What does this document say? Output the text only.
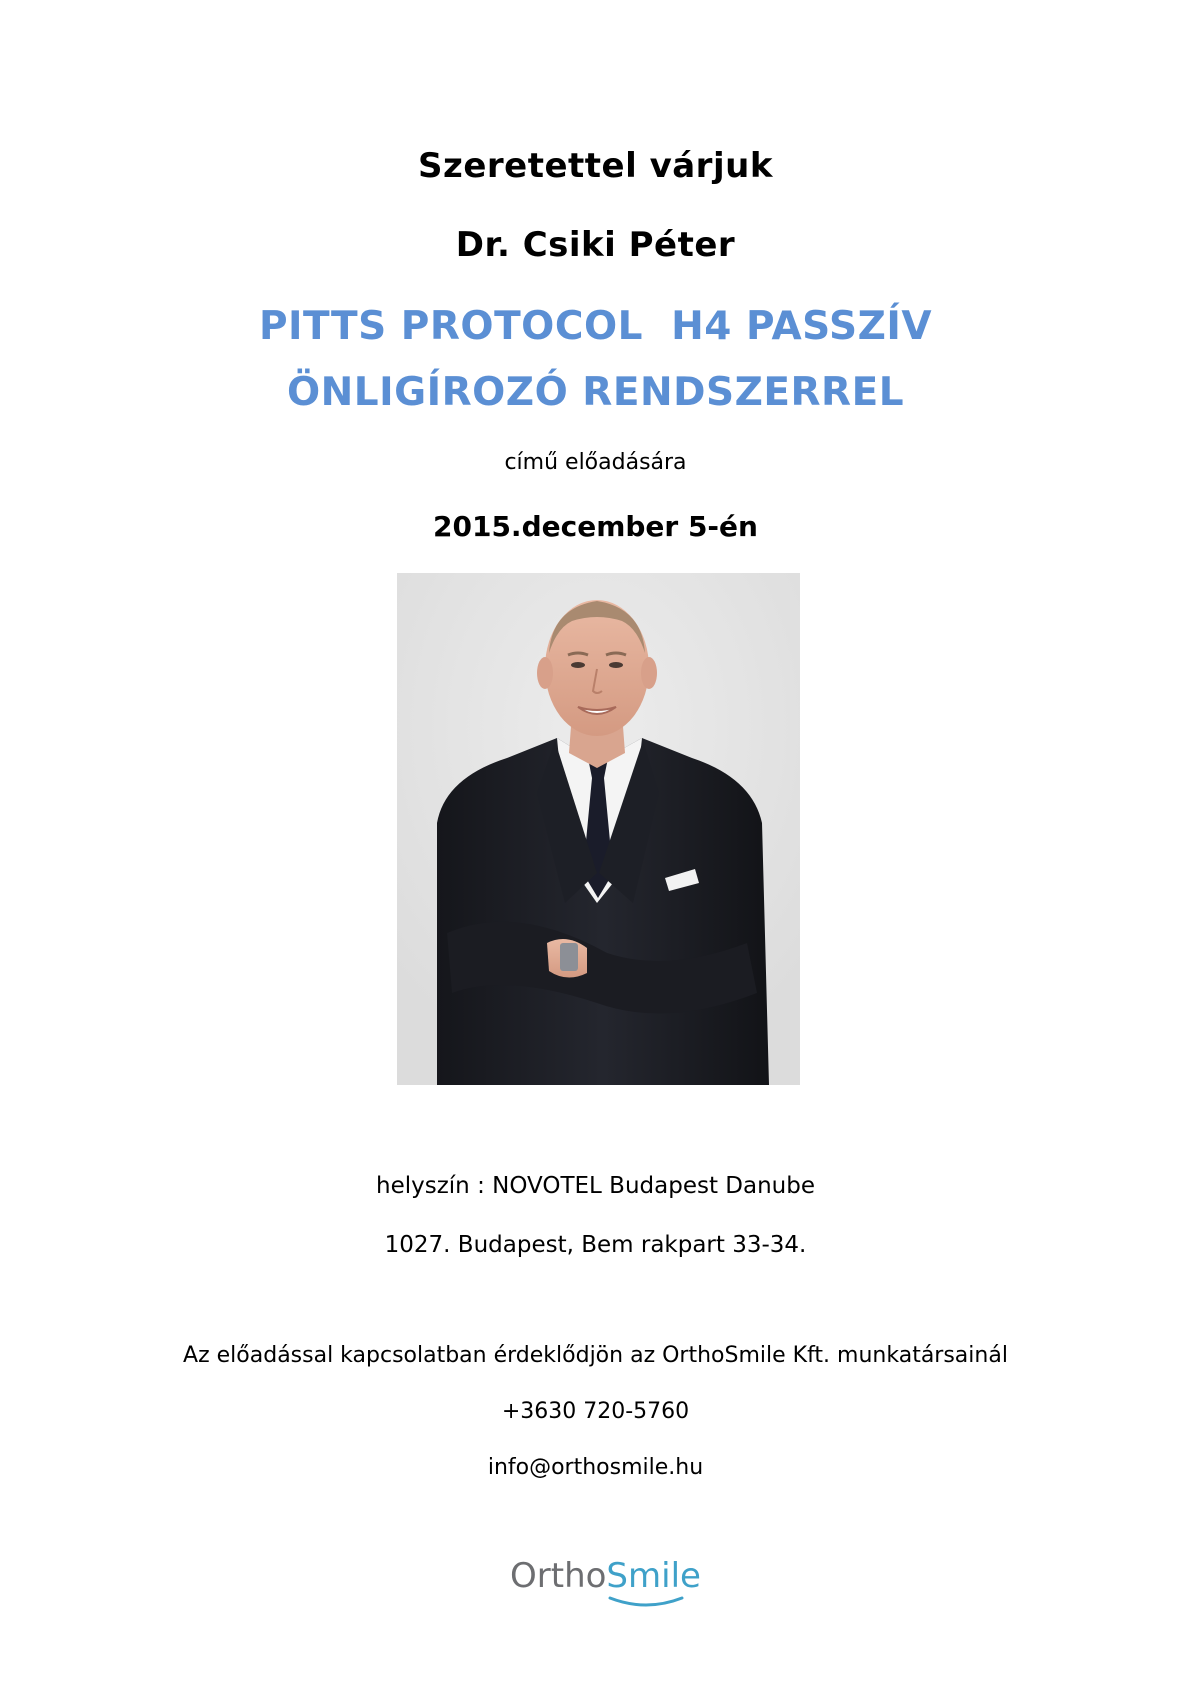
Szeretettel várjuk
Dr. Csiki Péter
PITTS PROTOCOL  H4 PASSZÍV
ÖNLIGÍROZÓ RENDSZERREL
című előadására
2015.december 5-én
helyszín : NOVOTEL Budapest Danube
1027. Budapest, Bem rakpart 33-34.
Az előadással kapcsolatban érdeklődjön az OrthoSmile Kft. munkatársainál
+3630 720-5760
info@orthosmile.hu
OrthoSmile
